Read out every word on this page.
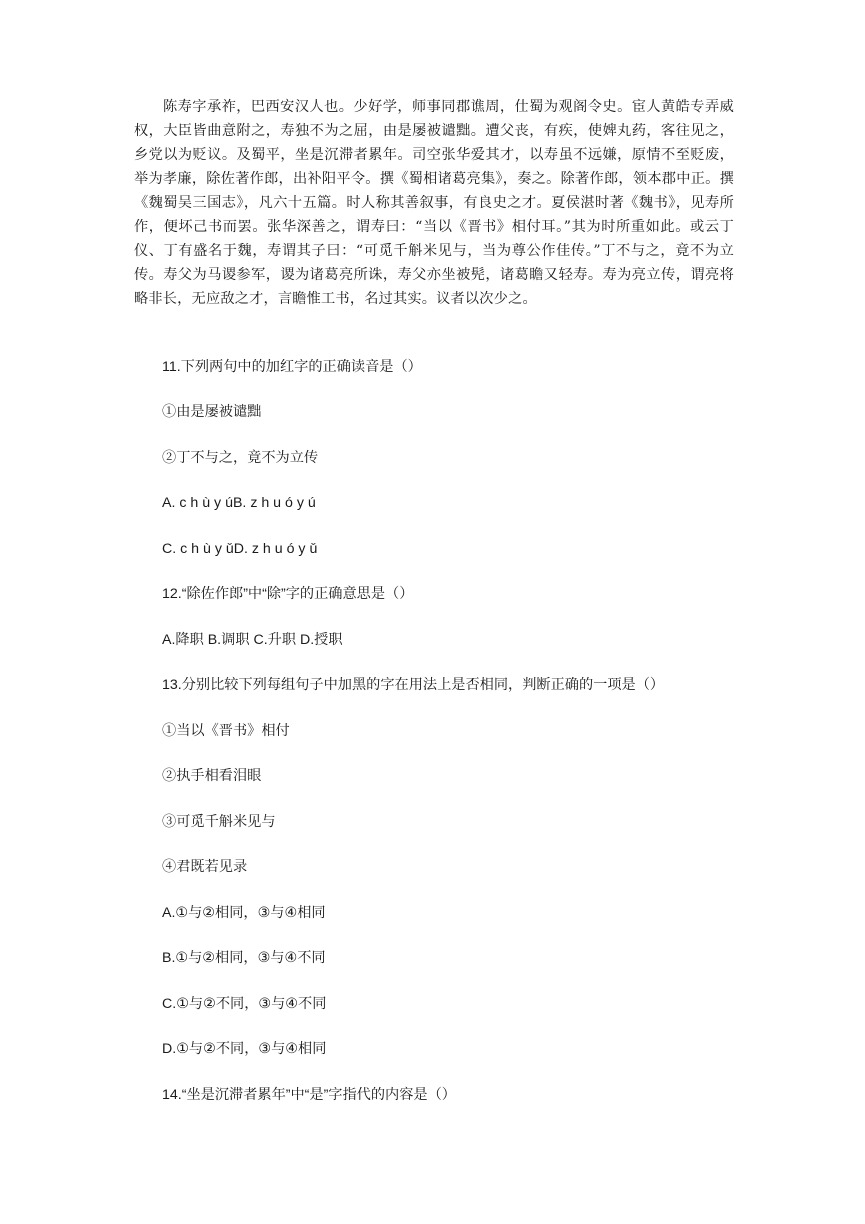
陈寿字承祚，巴西安汉人也。少好学，师事同郡谯周，仕蜀为观阁令史。宦人黄皓专弄威权，大臣皆曲意附之，寿独不为之屈，由是屡被谴黜。遭父丧，有疾，使婢丸药，客往见之，乡党以为贬议。及蜀平，坐是沉滞者累年。司空张华爱其才，以寿虽不远嫌，原情不至贬废，举为孝廉，除佐著作郎，出补阳平令。撰《蜀相诸葛亮集》，奏之。除著作郎，领本郡中正。撰《魏蜀吴三国志》，凡六十五篇。时人称其善叙事，有良史之才。夏侯湛时著《魏书》，见寿所作，便坏己书而罢。张华深善之，谓寿曰：“当以《晋书》相付耳。”其为时所重如此。或云丁仪、丁有盛名于魏，寿谓其子曰：“可觅千斛米见与，当为尊公作佳传。”丁不与之，竟不为立传。寿父为马谡参军，谡为诸葛亮所诛，寿父亦坐被髡，诸葛瞻又轻寿。寿为亮立传，谓亮将略非长，无应敌之才，言瞻惟工书，名过其实。议者以次少之。

11.下列两句中的加红字的正确读音是（）
①由是屡被谴黜
②丁不与之，竟不为立传
A. c h ù y úB. z h u ó y ú
C. c h ù y ǔD. z h u ó y ǔ
12.“除佐作郎”中“除”字的正确意思是（）
A.降职 B.调职 C.升职 D.授职
13.分别比较下列每组句子中加黑的字在用法上是否相同，判断正确的一项是（）
①当以《晋书》相付
②执手相看泪眼
③可觅千斛米见与
④君既若见录
A.①与②相同，③与④相同
B.①与②相同，③与④不同
C.①与②不同，③与④不同
D.①与②不同，③与④相同
14.“坐是沉滞者累年”中“是”字指代的内容是（）
